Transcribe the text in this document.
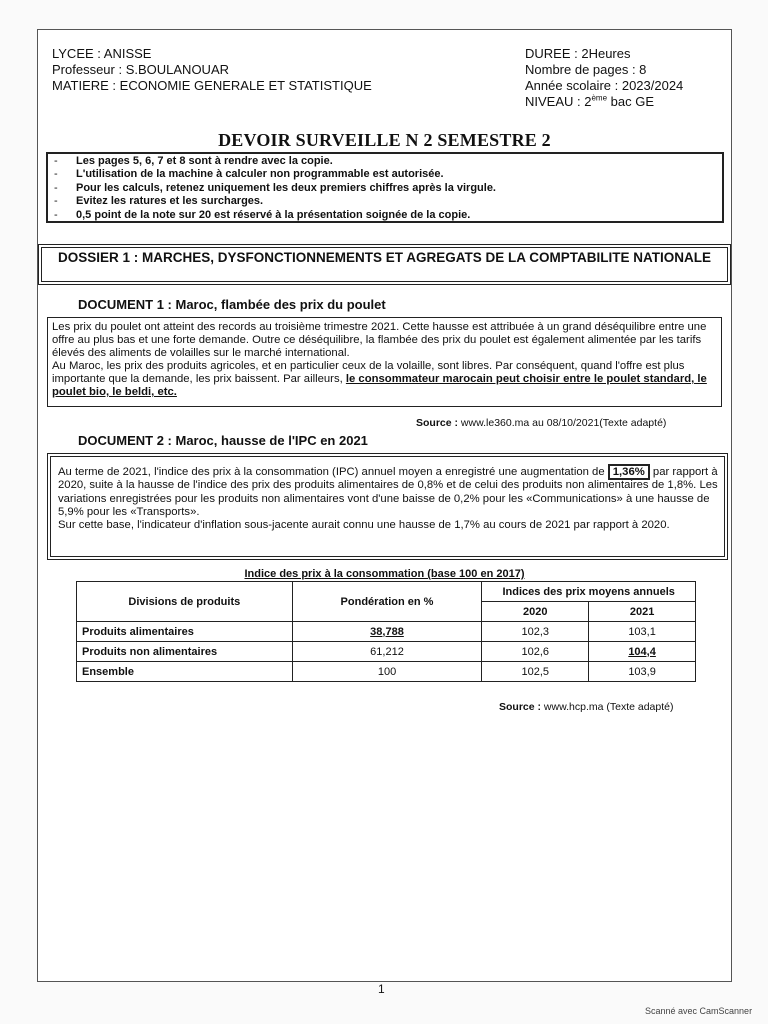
LYCEE : ANISSE
Professeur : S.BOULANOUAR
MATIERE : ECONOMIE GENERALE ET STATISTIQUE
DUREE : 2Heures
Nombre de pages : 8
Année scolaire : 2023/2024
NIVEAU : 2ème bac GE
DEVOIR SURVEILLE N 2 SEMESTRE 2
-	Les pages 5, 6, 7 et 8 sont à rendre avec la copie.
-	L'utilisation de la machine à calculer non programmable est autorisée.
-	Pour les calculs, retenez uniquement les deux premiers chiffres après la virgule.
-	Evitez les ratures et les surcharges.
-	0,5 point de la note sur 20 est réservé à la présentation soignée de la copie.
DOSSIER 1 : MARCHES, DYSFONCTIONNEMENTS ET AGREGATS DE LA COMPTABILITE NATIONALE
DOCUMENT 1 : Maroc, flambée des prix du poulet

Les prix du poulet ont atteint des records au troisième trimestre 2021. Cette hausse est attribuée à un grand déséquilibre entre une offre au plus bas et une forte demande. Outre ce déséquilibre, la flambée des prix du poulet est également alimentée par les tarifs élevés des aliments de volailles sur le marché international.

Au Maroc, les prix des produits agricoles, et en particulier ceux de la volaille, sont libres. Par conséquent, quand l'offre est plus importante que la demande, les prix baissent. Par ailleurs, le consommateur marocain peut choisir entre le poulet standard, le poulet bio, le beldi, etc.

Source : www.le360.ma au 08/10/2021(Texte adapté)
DOCUMENT 2 : Maroc, hausse de l'IPC en 2021

Au terme de 2021, l'indice des prix à la consommation (IPC) annuel moyen a enregistré une augmentation de 1,36% par rapport à 2020, suite à la hausse de l'indice des prix des produits alimentaires de 0,8% et de celui des produits non alimentaires de 1,8%. Les variations enregistrées pour les produits non alimentaires vont d'une baisse de 0,2% pour les «Communications» à une hausse de 5,9% pour les «Transports».

Sur cette base, l'indicateur d'inflation sous-jacente aurait connu une hausse de 1,7% au cours de 2021 par rapport à 2020.

Indice des prix à la consommation (base 100 en 2017)
Divisions de produits	Pondération en %	Indices des prix moyens annuels	
		2020	2021
Produits alimentaires	38,788	102,3	103,1
Produits non alimentaires	61,212	102,6	104,4
Ensemble	100	102,5	103,9
Source : www.hcp.ma (Texte adapté)
1
Scanné avec CamScanner
